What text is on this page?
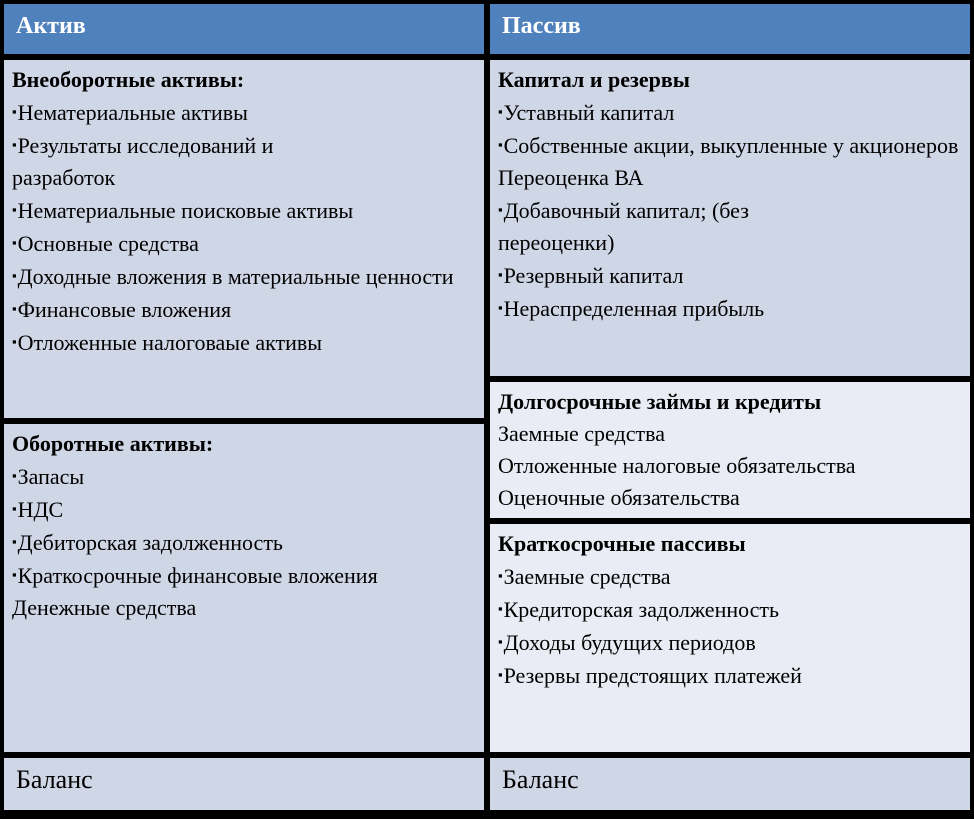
Актив	Пассив
Внеоборотные активы:
▪Нематериальные активы
▪Результаты исследований и разработок
▪Нематериальные поисковые активы
▪Основные средства
▪Доходные вложения в материальные ценности
▪Финансовые вложения
▪Отложенные налоговаые активы
Оборотные активы:
▪Запасы
▪НДС
▪Дебиторская задолженность
▪Краткосрочные финансовые вложения
Денежные средства
Капитал и резервы
▪Уставный капитал
▪Собственные акции, выкупленные у акционеров
Переоценка ВА
▪Добавочный капитал; (без переоценки)
▪Резервный капитал
▪Нераспределенная прибыль
Долгосрочные займы и кредиты
Заемные средства
Отложенные налоговые обязательства
Оценочные обязательства
Краткосрочные пассивы
▪Заемные средства
▪Кредиторская задолженность
▪Доходы будущих периодов
▪Резервы предстоящих платежей
Баланс	Баланс
